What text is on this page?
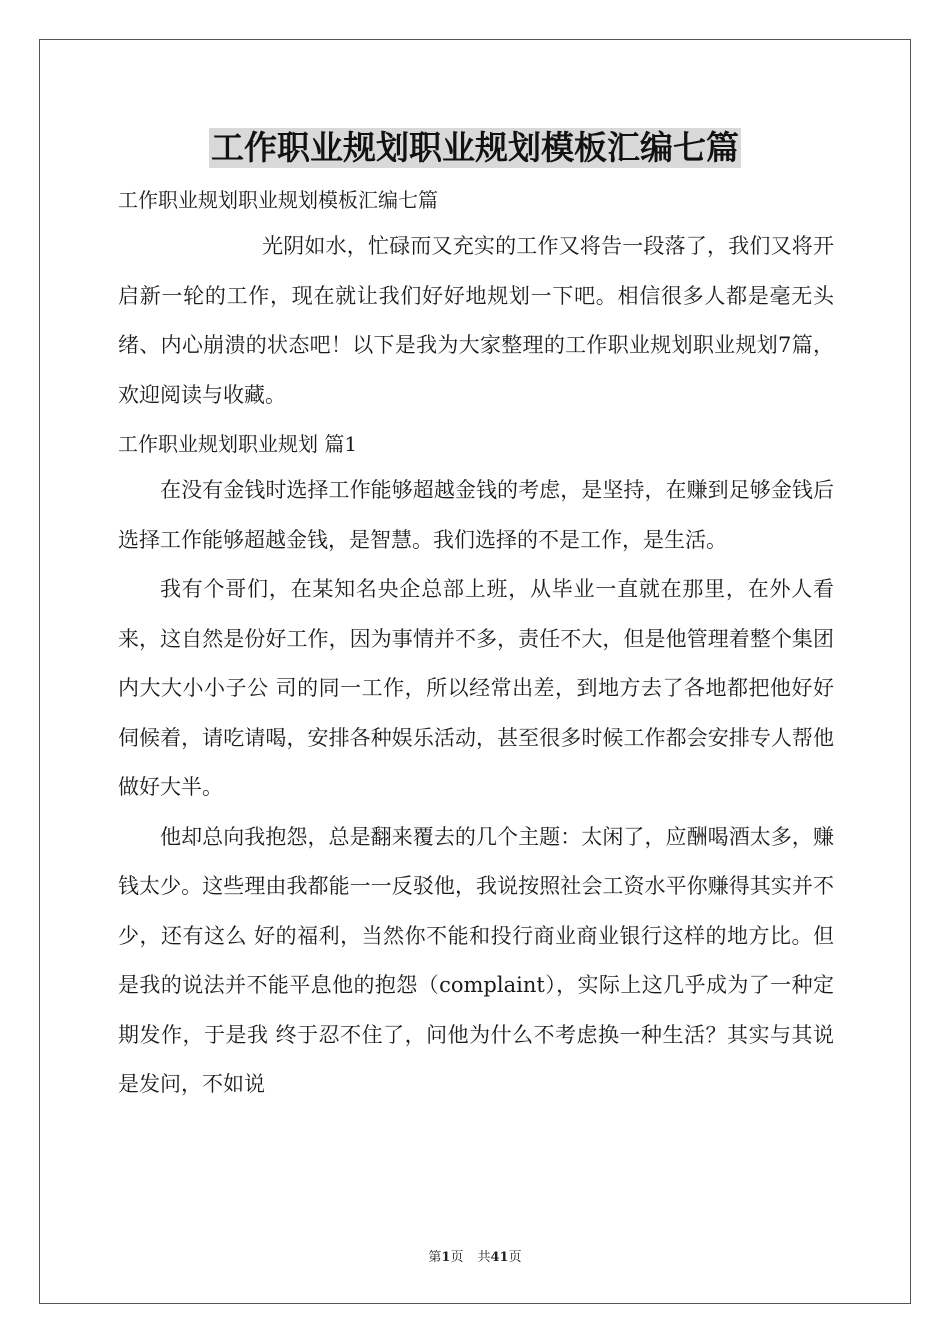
工作职业规划职业规划模板汇编七篇

工作职业规划职业规划模板汇编七篇

光阴如水，忙碌而又充实的工作又将告一段落了，我们又将开启新一轮的工作，现在就让我们好好地规划一下吧。相信很多人都是毫无头绪、内心崩溃的状态吧！以下是我为大家整理的工作职业规划职业规划7篇，欢迎阅读与收藏。

工作职业规划职业规划 篇1

在没有金钱时选择工作能够超越金钱的考虑，是坚持，在赚到足够金钱后选择工作能够超越金钱，是智慧。我们选择的不是工作，是生活。

我有个哥们，在某知名央企总部上班，从毕业一直就在那里，在外人看来，这自然是份好工作，因为事情并不多，责任不大，但是他管理着整个集团内大大小小子公 司的同一工作，所以经常出差，到地方去了各地都把他好好伺候着，请吃请喝，安排各种娱乐活动，甚至很多时候工作都会安排专人帮他做好大半。

他却总向我抱怨，总是翻来覆去的几个主题：太闲了，应酬喝酒太多，赚钱太少。这些理由我都能一一反驳他，我说按照社会工资水平你赚得其实并不少，还有这么 好的福利，当然你不能和投行商业商业银行这样的地方比。但是我的说法并不能平息他的抱怨（complaint），实际上这几乎成为了一种定期发作，于是我 终于忍不住了，问他为什么不考虑换一种生活？其实与其说是发问，不如说

第1页 共41页
